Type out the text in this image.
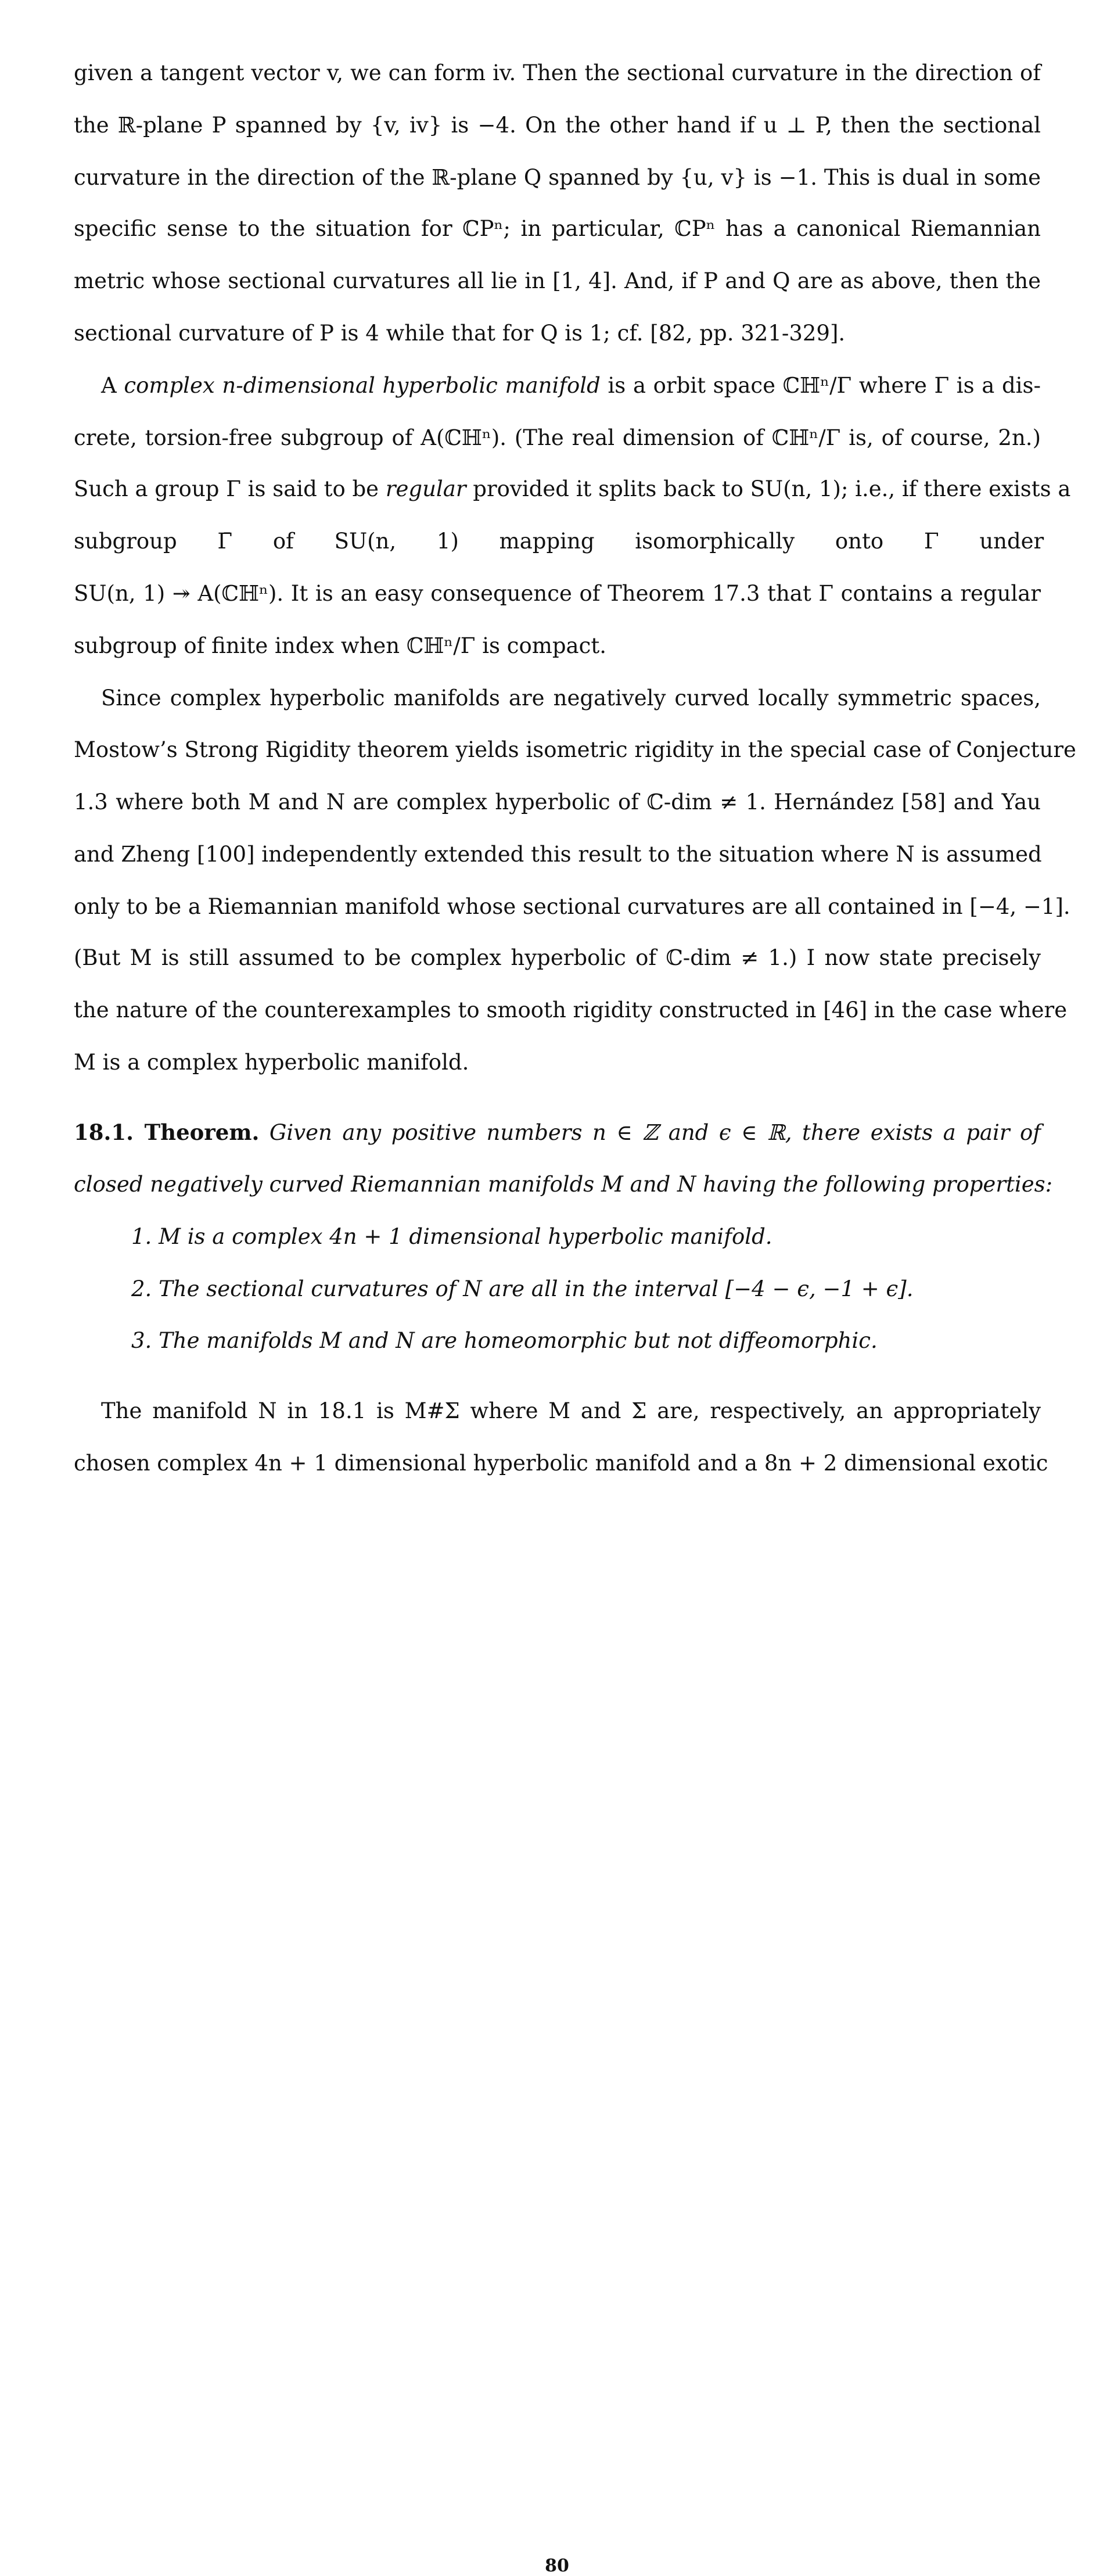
given a tangent vector v, we can form iv. Then the sectional curvature in the direction of
the ℝ-plane P spanned by {v, iv} is −4. On the other hand if u ⊥ P, then the sectional
curvature in the direction of the ℝ-plane Q spanned by {u, v} is −1. This is dual in some
specific sense to the situation for ℂPⁿ; in particular, ℂPⁿ has a canonical Riemannian
metric whose sectional curvatures all lie in [1, 4]. And, if P and Q are as above, then the
sectional curvature of P is 4 while that for Q is 1; cf. [82, pp. 321-329].
A complex n-dimensional hyperbolic manifold is a orbit space ℂℍⁿ/Γ where Γ is a dis-
crete, torsion-free subgroup of A(ℂℍⁿ). (The real dimension of ℂℍⁿ/Γ is, of course, 2n.)
Such a group Γ is said to be regular provided it splits back to SU(n, 1); i.e., if there exists a
subgroup Γ̄ of SU(n, 1) mapping isomorphically onto Γ under
SU(n, 1) ↠ A(ℂℍⁿ). It is an easy consequence of Theorem 17.3 that Γ contains a regular
subgroup of finite index when ℂℍⁿ/Γ is compact.
Since complex hyperbolic manifolds are negatively curved locally symmetric spaces,
Mostow’s Strong Rigidity theorem yields isometric rigidity in the special case of Conjecture
1.3 where both M and N are complex hyperbolic of ℂ-dim ≠ 1. Hernández [58] and Yau
and Zheng [100] independently extended this result to the situation where N is assumed
only to be a Riemannian manifold whose sectional curvatures are all contained in [−4, −1].
(But M is still assumed to be complex hyperbolic of ℂ-dim ≠ 1.) I now state precisely
the nature of the counterexamples to smooth rigidity constructed in [46] in the case where
M is a complex hyperbolic manifold.
18.1. Theorem. Given any positive numbers n ∈ ℤ and ϵ ∈ ℝ, there exists a pair of
closed negatively curved Riemannian manifolds M and N having the following properties:
1. M is a complex 4n + 1 dimensional hyperbolic manifold.
2. The sectional curvatures of N are all in the interval [−4 − ϵ, −1 + ϵ].
3. The manifolds M and N are homeomorphic but not diffeomorphic.
The manifold N in 18.1 is M#Σ where M and Σ are, respectively, an appropriately
chosen complex 4n + 1 dimensional hyperbolic manifold and a 8n + 2 dimensional exotic
80
